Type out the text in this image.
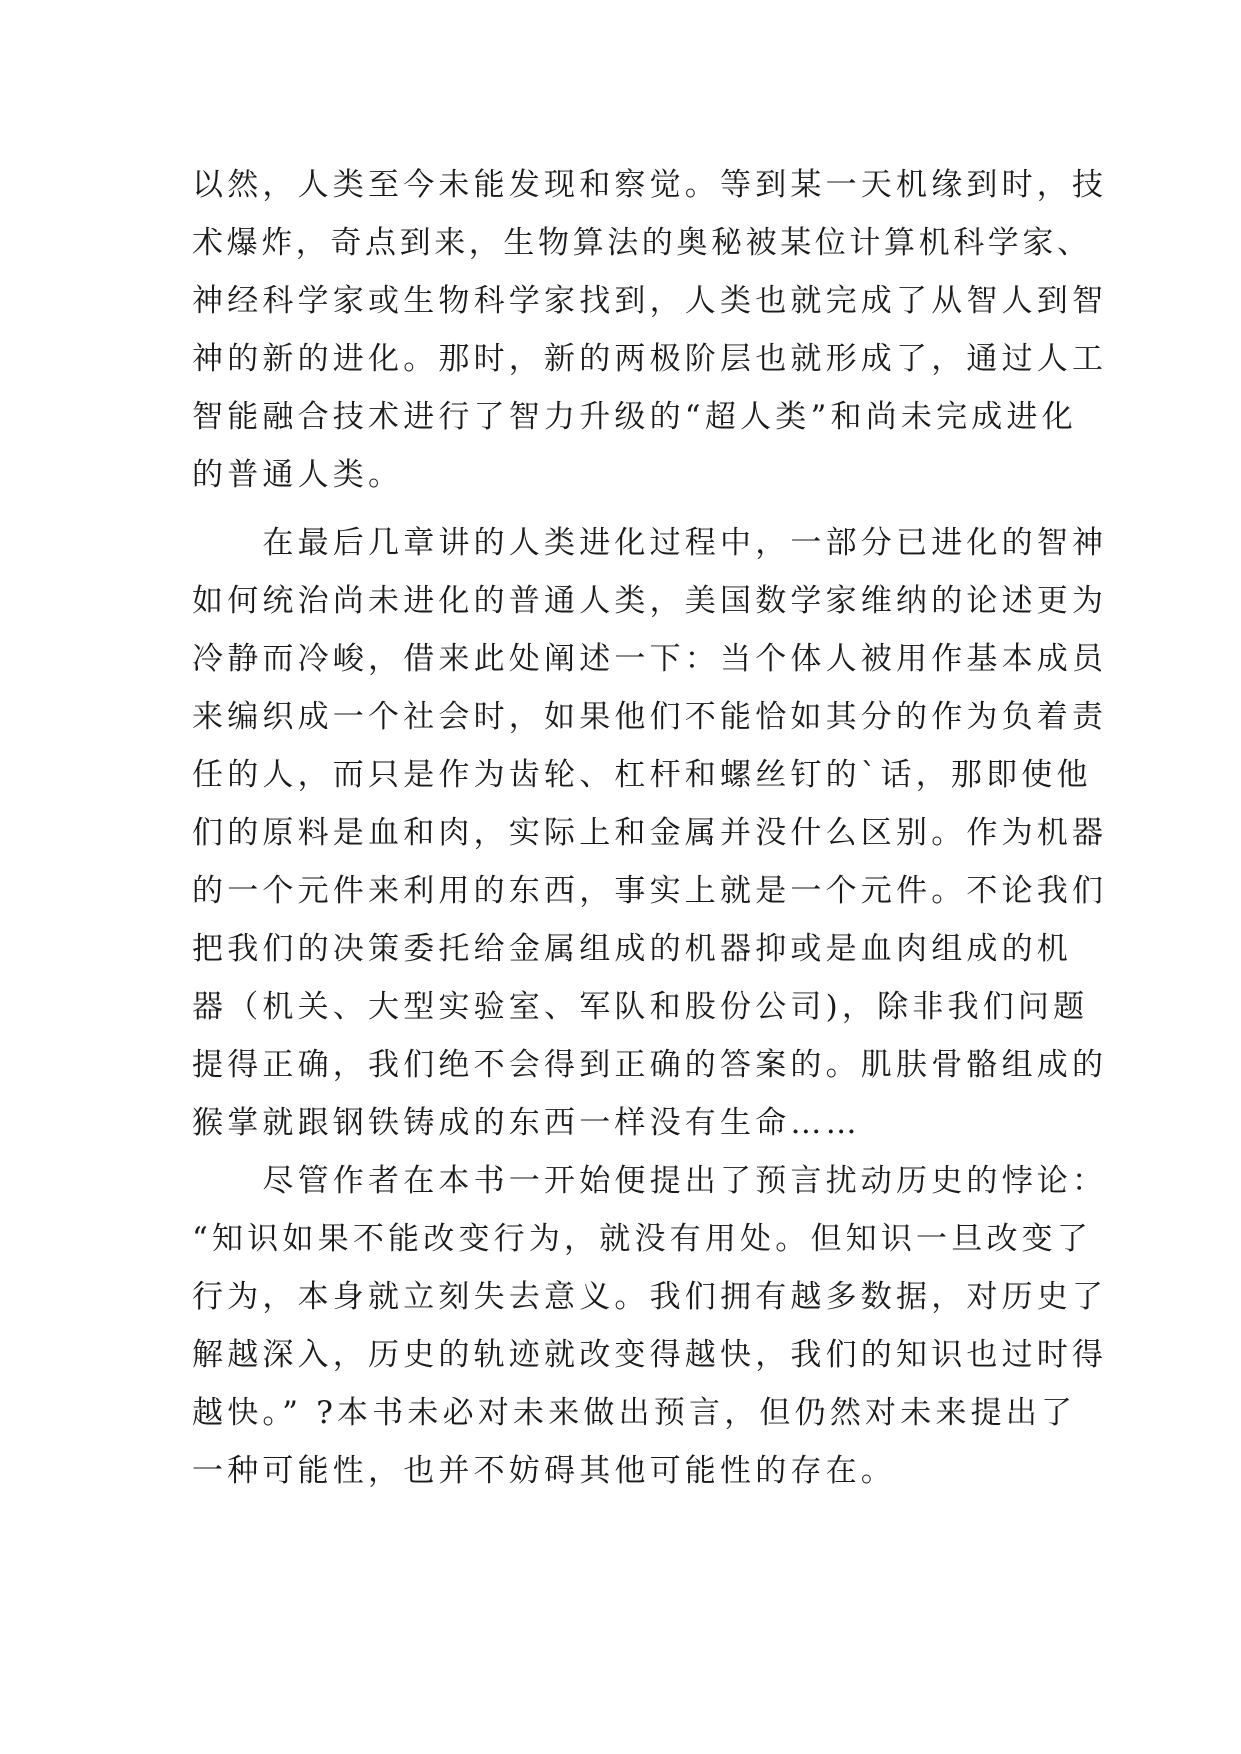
以然，人类至今未能发现和察觉。等到某一天机缘到时，技
术爆炸，奇点到来，生物算法的奥秘被某位计算机科学家、
神经科学家或生物科学家找到，人类也就完成了从智人到智
神的新的进化。那时，新的两极阶层也就形成了，通过人工
智能融合技术进行了智力升级的“超人类”和尚未完成进化
的普通人类。
　　在最后几章讲的人类进化过程中，一部分已进化的智神
如何统治尚未进化的普通人类，美国数学家维纳的论述更为
冷静而冷峻，借来此处阐述一下：当个体人被用作基本成员
来编织成一个社会时，如果他们不能恰如其分的作为负着责
任的人，而只是作为齿轮、杠杆和螺丝钉的`话，那即使他
们的原料是血和肉，实际上和金属并没什么区别。作为机器
的一个元件来利用的东西，事实上就是一个元件。不论我们
把我们的决策委托给金属组成的机器抑或是血肉组成的机
器（机关、大型实验室、军队和股份公司)，除非我们问题
提得正确，我们绝不会得到正确的答案的。肌肤骨骼组成的
猴掌就跟钢铁铸成的东西一样没有生命……
　　尽管作者在本书一开始便提出了预言扰动历史的悖论：
“知识如果不能改变行为，就没有用处。但知识一旦改变了
行为，本身就立刻失去意义。我们拥有越多数据，对历史了
解越深入，历史的轨迹就改变得越快，我们的知识也过时得
越快。” ?本书未必对未来做出预言，但仍然对未来提出了
一种可能性，也并不妨碍其他可能性的存在。
